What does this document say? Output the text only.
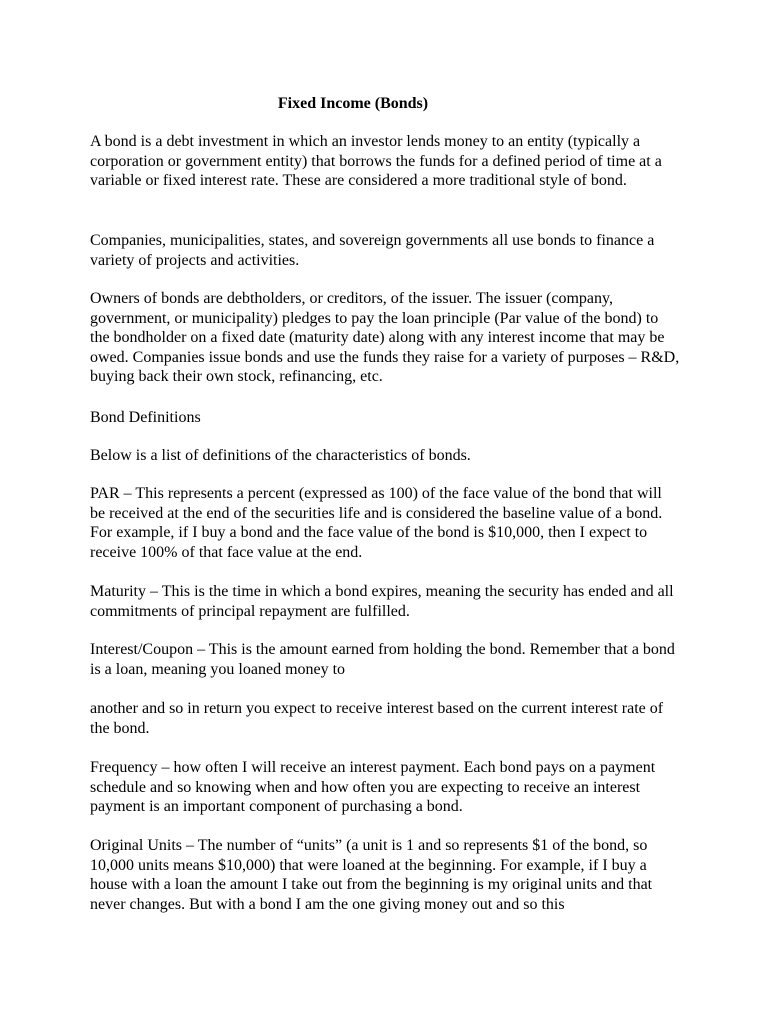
Fixed Income (Bonds)

A bond is a debt investment in which an investor lends money to an entity (typically a corporation or government entity) that borrows the funds for a defined period of time at a variable or fixed interest rate. These are considered a more traditional style of bond.

Companies, municipalities, states, and sovereign governments all use bonds to finance a variety of projects and activities.

Owners of bonds are debtholders, or creditors, of the issuer. The issuer (company, government, or municipality) pledges to pay the loan principle (Par value of the bond) to the bondholder on a fixed date (maturity date) along with any interest income that may be owed. Companies issue bonds and use the funds they raise for a variety of purposes – R&D, buying back their own stock, refinancing, etc.

Bond Definitions

Below is a list of definitions of the characteristics of bonds.

PAR – This represents a percent (expressed as 100) of the face value of the bond that will be received at the end of the securities life and is considered the baseline value of a bond. For example, if I buy a bond and the face value of the bond is $10,000, then I expect to receive 100% of that face value at the end.

Maturity – This is the time in which a bond expires, meaning the security has ended and all commitments of principal repayment are fulfilled.

Interest/Coupon – This is the amount earned from holding the bond. Remember that a bond is a loan, meaning you loaned money to

another and so in return you expect to receive interest based on the current interest rate of the bond.

Frequency – how often I will receive an interest payment. Each bond pays on a payment schedule and so knowing when and how often you are expecting to receive an interest payment is an important component of purchasing a bond.

Original Units – The number of “units” (a unit is 1 and so represents $1 of the bond, so 10,000 units means $10,000) that were loaned at the beginning. For example, if I buy a house with a loan the amount I take out from the beginning is my original units and that never changes. But with a bond I am the one giving money out and so this
